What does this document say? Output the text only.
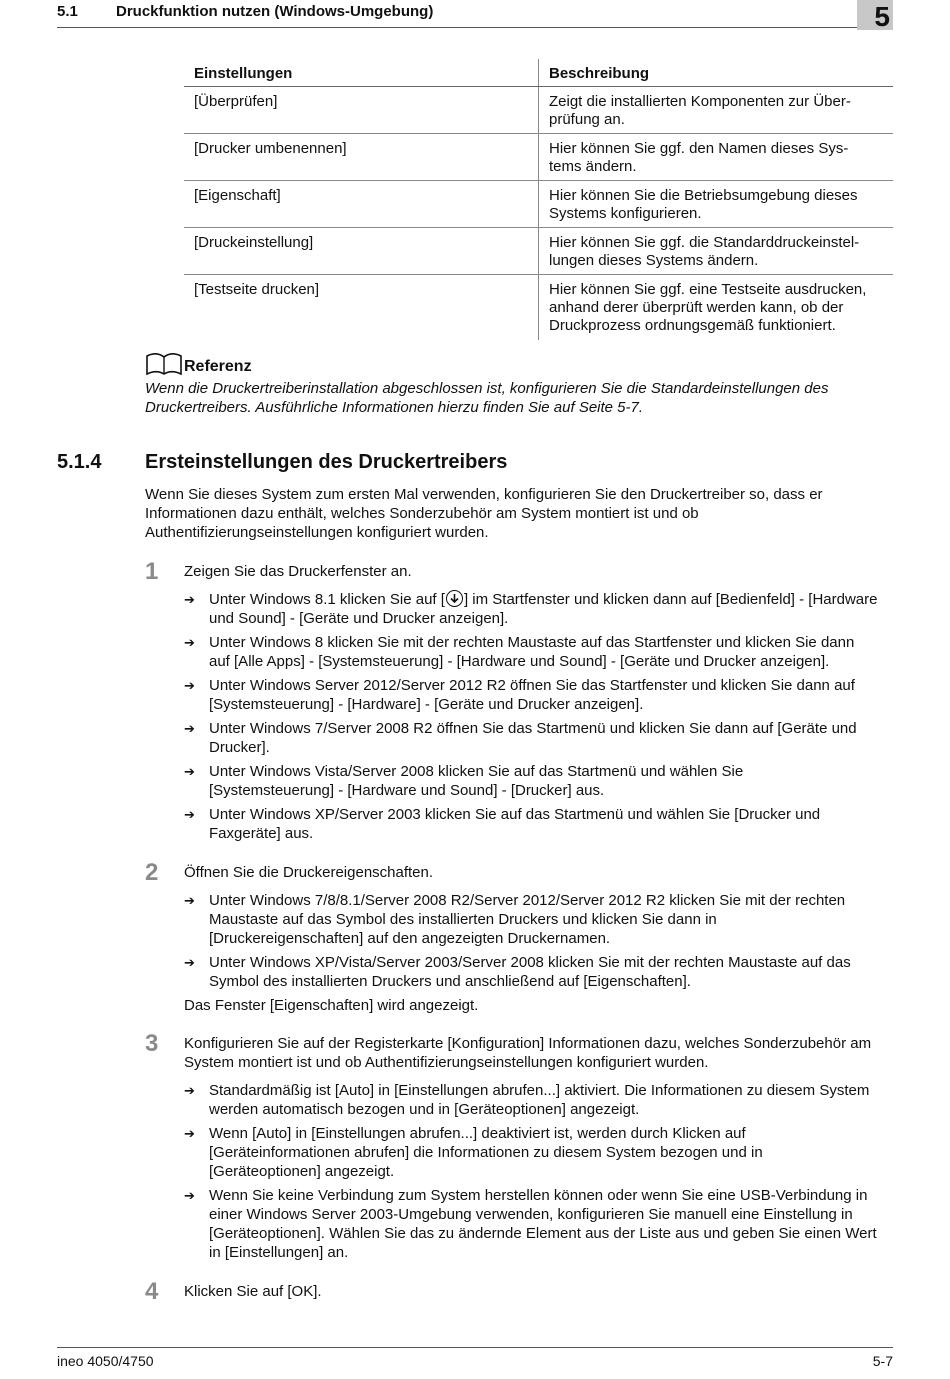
5.1	Druckfunktion nutzen (Windows-Umgebung)	5
Einstellungen	Beschreibung
[Überprüfen]	Zeigt die installierten Komponenten zur Über-
prüfung an.

[Drucker umbenennen]	Hier können Sie ggf. den Namen dieses Sys-
tems ändern.

[Eigenschaft]	Hier können Sie die Betriebsumgebung dieses
Systems konfigurieren.

[Druckeinstellung]	Hier können Sie ggf. die Standarddruckeinstel-
lungen dieses Systems ändern.

[Testseite drucken]	Hier können Sie ggf. eine Testseite ausdrucken,
anhand derer überprüft werden kann, ob der
Druckprozess ordnungsgemäß funktioniert.
Referenz
Wenn die Druckertreiberinstallation abgeschlossen ist, konfigurieren Sie die Standardeinstellungen des
Druckertreibers. Ausführliche Informationen hierzu finden Sie auf Seite 5-7.
5.1.4 Ersteinstellungen des Druckertreibers
Wenn Sie dieses System zum ersten Mal verwenden, konfigurieren Sie den Druckertreiber so, dass er
Informationen dazu enthält, welches Sonderzubehör am System montiert ist und ob
Authentifizierungseinstellungen konfiguriert wurden.
1 Zeigen Sie das Druckerfenster an.
➔ Unter Windows 8.1 klicken Sie auf [ ] im Startfenster und klicken dann auf [Bedienfeld] - [Hardware
und Sound] - [Geräte und Drucker anzeigen].
➔ Unter Windows 8 klicken Sie mit der rechten Maustaste auf das Startfenster und klicken Sie dann
auf [Alle Apps] - [Systemsteuerung] - [Hardware und Sound] - [Geräte und Drucker anzeigen].
➔ Unter Windows Server 2012/Server 2012 R2 öffnen Sie das Startfenster und klicken Sie dann auf
[Systemsteuerung] - [Hardware] - [Geräte und Drucker anzeigen].
➔ Unter Windows 7/Server 2008 R2 öffnen Sie das Startmenü und klicken Sie dann auf [Geräte und
Drucker].
➔ Unter Windows Vista/Server 2008 klicken Sie auf das Startmenü und wählen Sie
[Systemsteuerung] - [Hardware und Sound] - [Drucker] aus.
➔ Unter Windows XP/Server 2003 klicken Sie auf das Startmenü und wählen Sie [Drucker und
Faxgeräte] aus.
2 Öffnen Sie die Druckereigenschaften.
➔ Unter Windows 7/8/8.1/Server 2008 R2/Server 2012/Server 2012 R2 klicken Sie mit der rechten
Maustaste auf das Symbol des installierten Druckers und klicken Sie dann in
[Druckereigenschaften] auf den angezeigten Druckernamen.
➔ Unter Windows XP/Vista/Server 2003/Server 2008 klicken Sie mit der rechten Maustaste auf das
Symbol des installierten Druckers und anschließend auf [Eigenschaften].
Das Fenster [Eigenschaften] wird angezeigt.
3 Konfigurieren Sie auf der Registerkarte [Konfiguration] Informationen dazu, welches Sonderzubehör am
System montiert ist und ob Authentifizierungseinstellungen konfiguriert wurden.
➔ Standardmäßig ist [Auto] in [Einstellungen abrufen...] aktiviert. Die Informationen zu diesem System
werden automatisch bezogen und in [Geräteoptionen] angezeigt.
➔ Wenn [Auto] in [Einstellungen abrufen...] deaktiviert ist, werden durch Klicken auf
[Geräteinformationen abrufen] die Informationen zu diesem System bezogen und in
[Geräteoptionen] angezeigt.
➔ Wenn Sie keine Verbindung zum System herstellen können oder wenn Sie eine USB-Verbindung in
einer Windows Server 2003-Umgebung verwenden, konfigurieren Sie manuell eine Einstellung in
[Geräteoptionen]. Wählen Sie das zu ändernde Element aus der Liste aus und geben Sie einen Wert
in [Einstellungen] an.
4 Klicken Sie auf [OK].
ineo 4050/4750	5-7
